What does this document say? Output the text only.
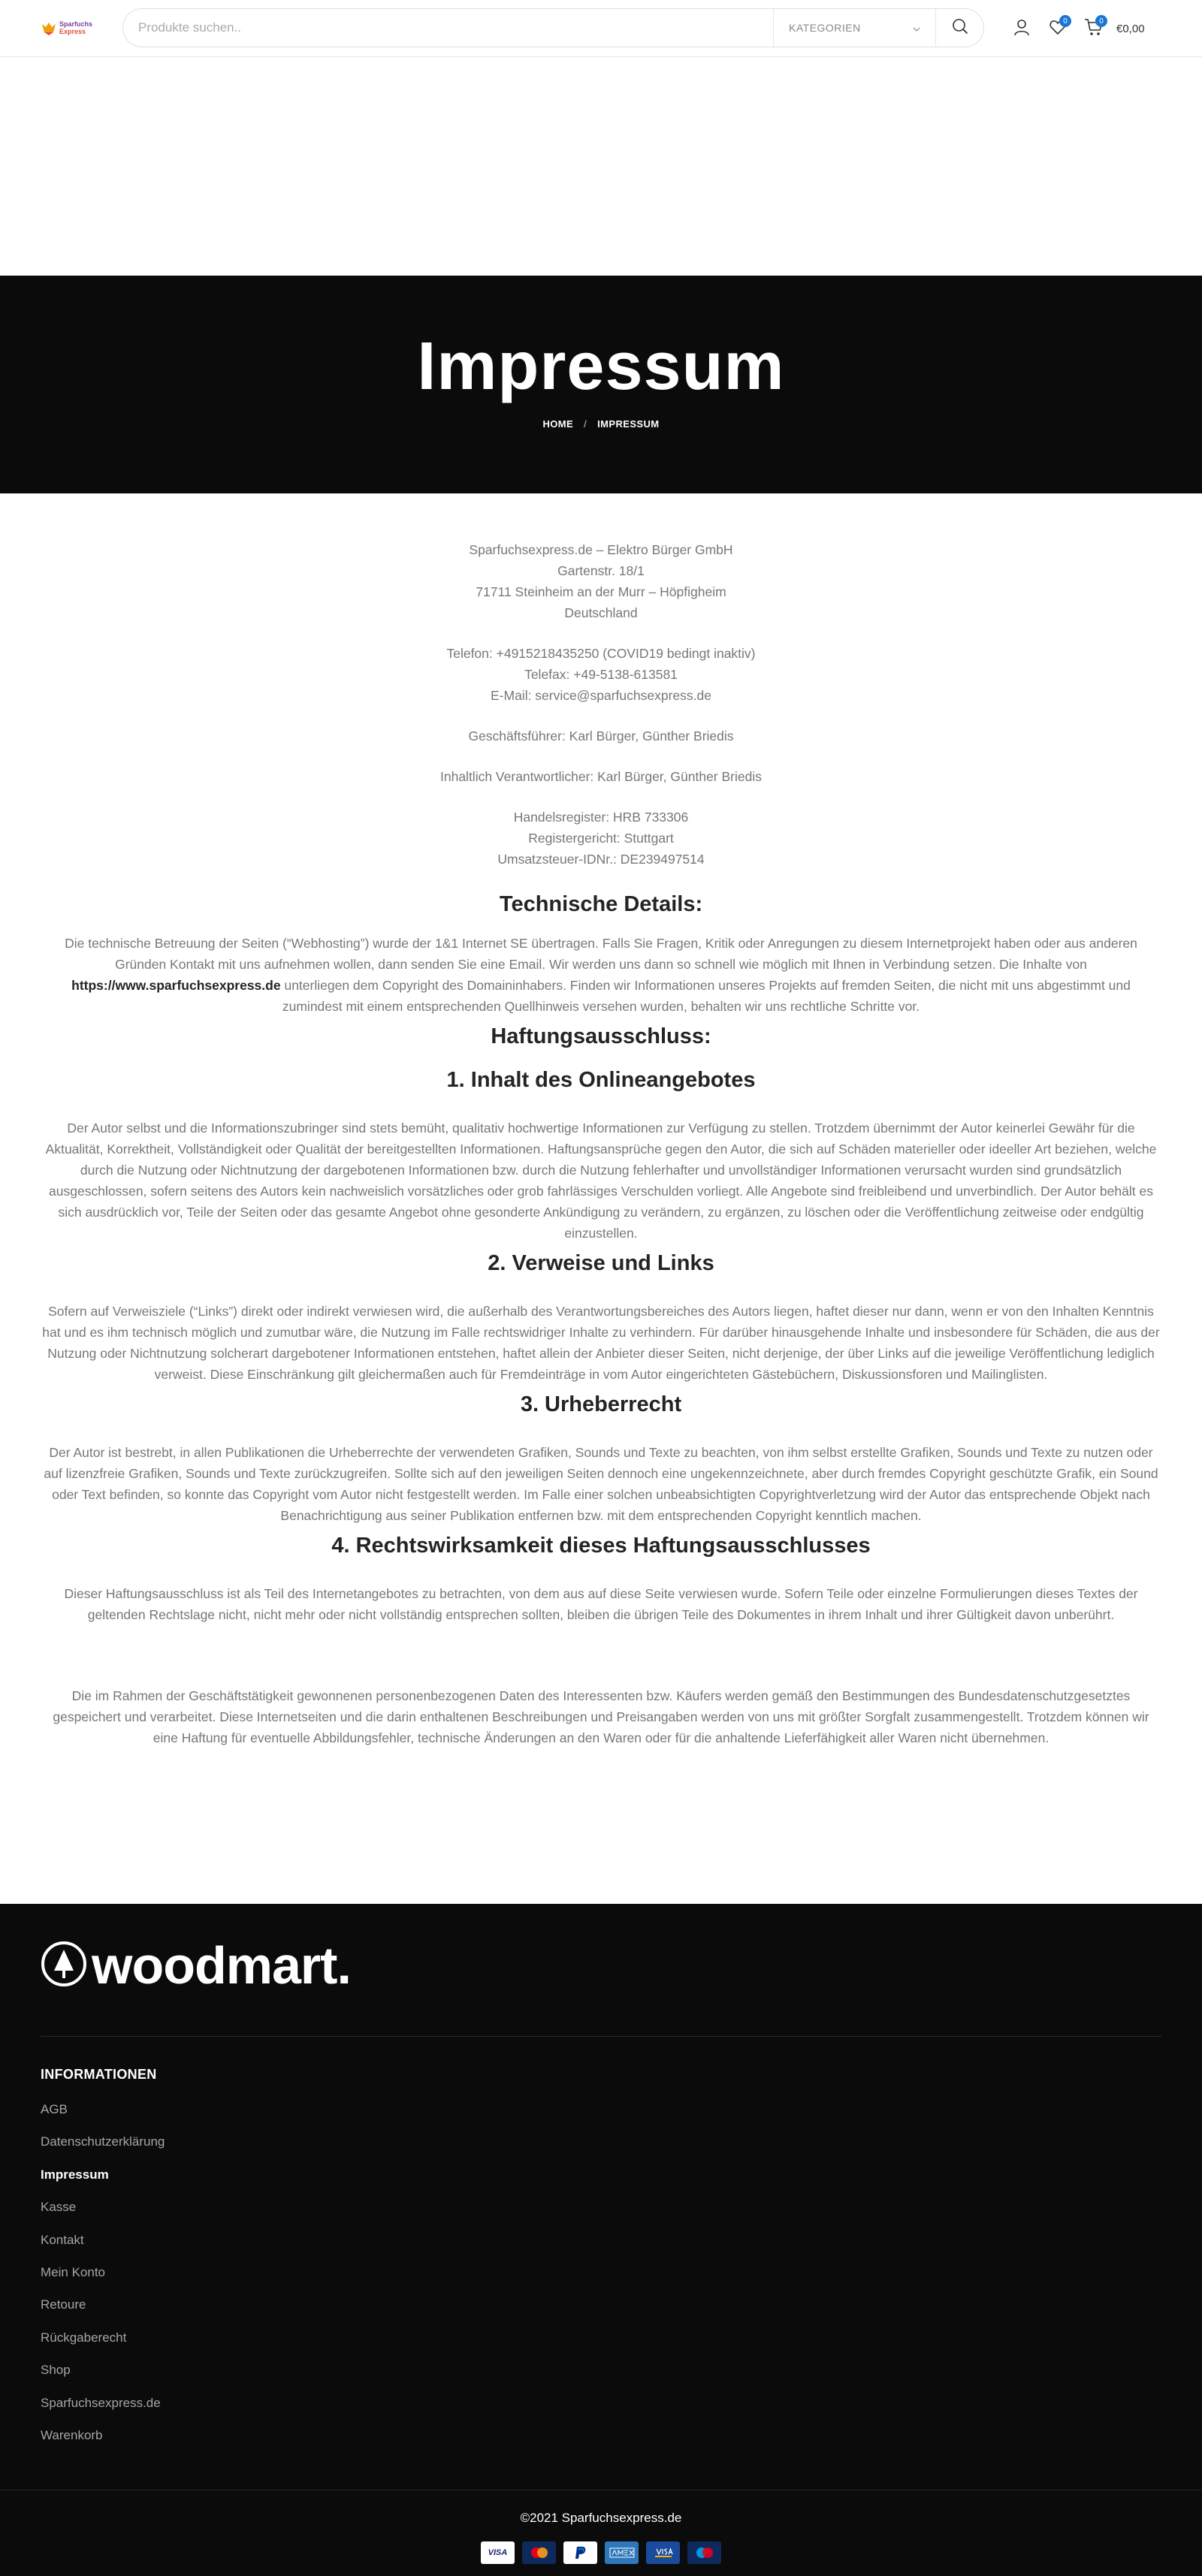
Sparfuchs
Express
Produkte suchen..	KATEGORIEN
0	0
€0,00
Impressum
HOME / IMPRESSUM

Sparfuchsexpress.de – Elektro Bürger GmbH

Gartenstr. 18/1

71711 Steinheim an der Murr – Höpfigheim

Deutschland

Telefon: +4915218435250 (COVID19 bedingt inaktiv)

Telefax: +49-5138-613581

E-Mail: service@sparfuchsexpress.de

Geschäftsführer: Karl Bürger, Günther Briedis

Inhaltlich Verantwortlicher: Karl Bürger, Günther Briedis

Handelsregister: HRB 733306

Registergericht: Stuttgart

Umsatzsteuer-IDNr.: DE239497514

Technische Details:

Die technische Betreuung der Seiten (“Webhosting”) wurde der 1&1 Internet SE übertragen. Falls Sie Fragen, Kritik oder Anregungen zu diesem Internetprojekt haben oder aus anderen Gründen Kontakt mit uns aufnehmen wollen, dann senden Sie eine Email. Wir werden uns dann so schnell wie möglich mit Ihnen in Verbindung setzen. Die Inhalte von https://www.sparfuchsexpress.de unterliegen dem Copyright des Domaininhabers. Finden wir Informationen unseres Projekts auf fremden Seiten, die nicht mit uns abgestimmt und zumindest mit einem entsprechenden Quellhinweis versehen wurden, behalten wir uns rechtliche Schritte vor.

Haftungsausschluss:
1. Inhalt des Onlineangebotes

Der Autor selbst und die Informationszubringer sind stets bemüht, qualitativ hochwertige Informationen zur Verfügung zu stellen. Trotzdem übernimmt der Autor keinerlei Gewähr für die Aktualität, Korrektheit, Vollständigkeit oder Qualität der bereitgestellten Informationen. Haftungsansprüche gegen den Autor, die sich auf Schäden materieller oder ideeller Art beziehen, welche durch die Nutzung oder Nichtnutzung der dargebotenen Informationen bzw. durch die Nutzung fehlerhafter und unvollständiger Informationen verursacht wurden sind grundsätzlich ausgeschlossen, sofern seitens des Autors kein nachweislich vorsätzliches oder grob fahrlässiges Verschulden vorliegt. Alle Angebote sind freibleibend und unverbindlich. Der Autor behält es sich ausdrücklich vor, Teile der Seiten oder das gesamte Angebot ohne gesonderte Ankündigung zu verändern, zu ergänzen, zu löschen oder die Veröffentlichung zeitweise oder endgültig einzustellen.

2. Verweise und Links

Sofern auf Verweisziele (“Links”) direkt oder indirekt verwiesen wird, die außerhalb des Verantwortungsbereiches des Autors liegen, haftet dieser nur dann, wenn er von den Inhalten Kenntnis hat und es ihm technisch möglich und zumutbar wäre, die Nutzung im Falle rechtswidriger Inhalte zu verhindern. Für darüber hinausgehende Inhalte und insbesondere für Schäden, die aus der Nutzung oder Nichtnutzung solcherart dargebotener Informationen entstehen, haftet allein der Anbieter dieser Seiten, nicht derjenige, der über Links auf die jeweilige Veröffentlichung lediglich verweist. Diese Einschränkung gilt gleichermaßen auch für Fremdeinträge in vom Autor eingerichteten Gästebüchern, Diskussionsforen und Mailinglisten.

3. Urheberrecht

Der Autor ist bestrebt, in allen Publikationen die Urheberrechte der verwendeten Grafiken, Sounds und Texte zu beachten, von ihm selbst erstellte Grafiken, Sounds und Texte zu nutzen oder auf lizenzfreie Grafiken, Sounds und Texte zurückzugreifen. Sollte sich auf den jeweiligen Seiten dennoch eine ungekennzeichnete, aber durch fremdes Copyright geschützte Grafik, ein Sound oder Text befinden, so konnte das Copyright vom Autor nicht festgestellt werden. Im Falle einer solchen unbeabsichtigten Copyrightverletzung wird der Autor das entsprechende Objekt nach Benachrichtigung aus seiner Publikation entfernen bzw. mit dem entsprechenden Copyright kenntlich machen.

4. Rechtswirksamkeit dieses Haftungsausschlusses

Dieser Haftungsausschluss ist als Teil des Internetangebotes zu betrachten, von dem aus auf diese Seite verwiesen wurde. Sofern Teile oder einzelne Formulierungen dieses Textes der geltenden Rechtslage nicht, nicht mehr oder nicht vollständig entsprechen sollten, bleiben die übrigen Teile des Dokumentes in ihrem Inhalt und ihrer Gültigkeit davon unberührt.

Die im Rahmen der Geschäftstätigkeit gewonnenen personenbezogenen Daten des Interessenten bzw. Käufers werden gemäß den Bestimmungen des Bundesdatenschutzgesetztes gespeichert und verarbeitet. Diese Internetseiten und die darin enthaltenen Beschreibungen und Preisangaben werden von uns mit größter Sorgfalt zusammengestellt. Trotzdem können wir eine Haftung für eventuelle Abbildungsfehler, technische Änderungen an den Waren oder für die anhaltende Lieferfähigkeit aller Waren nicht übernehmen.

woodmart.
INFORMATIONEN
AGB
Datenschutzerklärung
Impressum
Kasse
Kontakt
Mein Konto
Retoure
Rückgaberecht
Shop
Sparfuchsexpress.de
Warenkorb
©2021 Sparfuchsexpress.de
VISA
